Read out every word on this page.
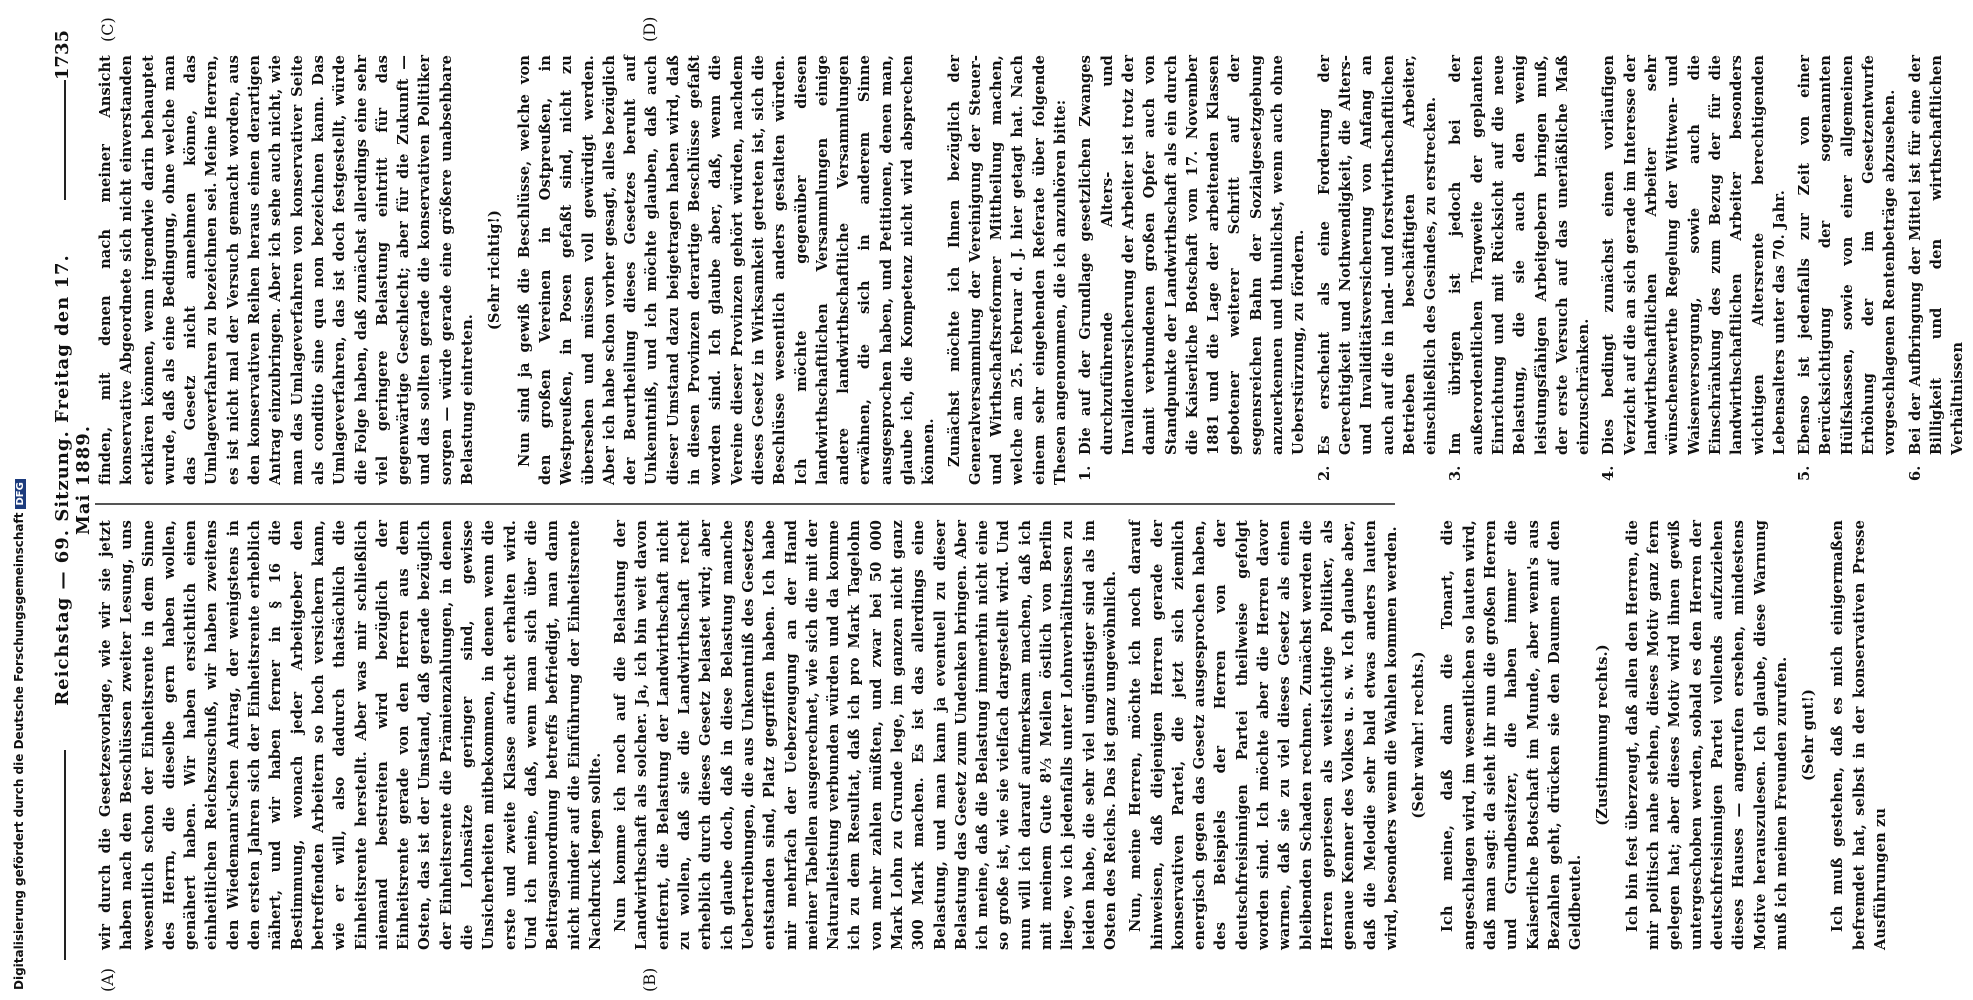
Reichstag — 69. Sitzung. Freitag den 17. Mai 1889.
1735
(A)	(B)
(C)	(D)

wir durch die Gesetzesvorlage, wie wir sie jetzt haben nach den Beschlüssen zweiter Lesung, uns wesentlich schon der Einheitsrente in dem Sinne des Herrn, die dieselbe gern haben wollen, genähert haben. Wir haben ersichtlich einen einheitlichen Reichszuschuß, wir haben zweitens den Wiedemann'schen Antrag, der wenigstens in den ersten Jahren sich der Einheitsrente erheblich nähert, und wir haben ferner in § 16 die Bestimmung, wonach jeder Arbeitgeber den betreffenden Arbeitern so hoch versichern kann, wie er will, also dadurch thatsächlich die Einheitsrente herstellt. Aber was mir schließlich niemand bestreiten wird bezüglich der Einheitsrente gerade von den Herren aus dem Osten, das ist der Umstand, daß gerade bezüglich der Einheitsrente die Prämienzahlungen, in denen die Lohnsätze geringer sind, gewisse Unsicherheiten mitbekommen, in denen wenn die erste und zweite Klasse aufrecht erhalten wird. Und ich meine, daß, wenn man sich über die Beitragsanordnung betreffs befriedigt, man dann nicht minder auf die Einführung der Einheitsrente Nachdruck legen sollte. Nun komme ich noch auf die Belastung der Landwirthschaft als solcher. Ja, ich bin weit davon entfernt, die Belastung der Landwirthschaft nicht zu wollen, daß sie die Landwirthschaft recht erheblich durch dieses Gesetz belastet wird; aber ich glaube doch, daß in diese Belastung manche Uebertreibungen, die aus Unkenntniß des Gesetzes entstanden sind, Platz gegriffen haben. Ich habe mir mehrfach der Ueberzeugung an der Hand meiner Tabellen ausgerechnet, wie sich die mit der Naturalleistung verbunden würden und da komme ich zu dem Resultat, daß ich pro Mark Tagelohn von mehr zahlen müßten, und zwar bei 50 000 Mark Lohn zu Grunde lege, im ganzen nicht ganz 300 Mark machen. Es ist das allerdings eine Belastung, und man kann ja eventuell zu dieser Belastung das Gesetz zum Undenken bringen. Aber ich meine, daß die Belastung immerhin nicht eine so große ist, wie sie vielfach dargestellt wird. Und nun will ich darauf aufmerksam machen, daß ich mit meinem Gute 8⅓ Meilen östlich von Berlin liege, wo ich jedenfalls unter Lohnverhältnissen zu leiden habe, die sehr viel ungünstiger sind als im Osten des Reichs. Das ist ganz ungewöhnlich. Nun, meine Herren, möchte ich noch darauf hinweisen, daß diejenigen Herren gerade der konservativen Partei, die jetzt sich ziemlich energisch gegen das Gesetz ausgesprochen haben, des Beispiels der Herren von der deutschfreisinnigen Partei theilweise gefolgt worden sind. Ich möchte aber die Herren davor warnen, daß sie zu viel dieses Gesetz als einen bleibenden Schaden rechnen. Zunächst werden die Herren gepriesen als weitsichtige Politiker, als genaue Kenner des Volkes u. s. w. Ich glaube aber, daß die Melodie sehr bald etwas anders lauten wird, besonders wenn die Wahlen kommen werden. (Sehr wahr! rechts.) Ich meine, daß dann die Tonart, die angeschlagen wird, im wesentlichen so lauten wird, daß man sagt: da sieht ihr nun die großen Herren und Grundbesitzer, die haben immer die Kaiserliche Botschaft im Munde, aber wenn's aus Bezahlen geht, drücken sie den Daumen auf den Geldbeutel.

(Zustimmung rechts.) Ich bin fest überzeugt, daß allen den Herren, die mir politisch nahe stehen, dieses Motiv ganz fern gelegen hat; aber dieses Motiv wird ihnen gewiß untergeschoben werden, sobald es den Herren der deutschfreisinnigen Partei vollends aufzuziehen dieses Hauses — angerufen ersehen, mindestens Motive herauszulesen. Ich glaube, diese Warnung muß ich meinen Freunden zurufen. (Sehr gut!) Ich muß gestehen, daß es mich einigermaßen befremdet hat, selbst in der konservativen Presse Ausführungen zu

finden, mit denen nach meiner Ansicht konservative Abgeordnete sich nicht einverstanden erklären können, wenn irgendwie darin behauptet wurde, daß als eine Bedingung, ohne welche man das Gesetz nicht annehmen könne, das Umlageverfahren zu bezeichnen sei. Meine Herren, es ist nicht mal der Versuch gemacht worden, aus den konservativen Reihen heraus einen derartigen Antrag einzubringen. Aber ich sehe auch nicht, wie man das Umlageverfahren von konservativer Seite als conditio sine qua non bezeichnen kann. Das Umlageverfahren, das ist doch festgestellt, würde die Folge haben, daß zunächst allerdings eine sehr viel geringere Belastung eintritt für das gegenwärtige Geschlecht; aber für die Zukunft — und das sollten gerade die konservativen Politiker sorgen — würde gerade eine größere unabsehbare Belastung eintreten.

(Sehr richtig!) Nun sind ja gewiß die Beschlüsse, welche von den großen Vereinen in Ostpreußen, in Westpreußen, in Posen gefaßt sind, nicht zu übersehen und müssen voll gewürdigt werden. Aber ich habe schon vorher gesagt, alles bezüglich der Beurtheilung dieses Gesetzes beruht auf Unkenntniß, und ich möchte glauben, daß auch dieser Umstand dazu beigetragen haben wird, daß in diesen Provinzen derartige Beschlüsse gefaßt worden sind. Ich glaube aber, daß, wenn die Vereine dieser Provinzen gehört würden, nachdem dieses Gesetz in Wirksamkeit getreten ist, sich die Beschlüsse wesentlich anders gestalten würden. Ich möchte gegenüber diesen landwirthschaftlichen Versammlungen einige andere landwirthschaftliche Versammlungen erwähnen, die sich in anderem Sinne ausgesprochen haben, und Petitionen, denen man, glaube ich, die Kompetenz nicht wird absprechen können. Zunächst möchte ich Ihnen bezüglich der Generalversammlung der Vereinigung der Steuer- und Wirthschaftsreformer Mittheilung machen, welche am 25. Februar d. J. hier getagt hat. Nach einem sehr eingehenden Referate über folgende Thesen angenommen, die ich anzuhören bitte: 1.
Die auf der Grundlage gesetzlichen Zwanges durchzuführende Alters- und Invalidenversicherung der Arbeiter ist trotz der damit verbundenen großen Opfer auch von Standpunkte der Landwirthschaft als ein durch die Kaiserliche Botschaft vom 17. November 1881 und die Lage der arbeitenden Klassen gebotener weiterer Schritt auf der segensreichen Bahn der Sozialgesetzgebung anzuerkennen und thunlichst, wenn auch ohne Ueberstürzung, zu fördern.

2.
Es erscheint als eine Forderung der Gerechtigkeit und Nothwendigkeit, die Alters- und Invaliditätsversicherung von Anfang an auch auf die in land- und forstwirthschaftlichen Betrieben beschäftigten Arbeiter, einschließlich des Gesindes, zu erstrecken.

3.
Im übrigen ist jedoch bei der außerordentlichen Tragweite der geplanten Einrichtung und mit Rücksicht auf die neue Belastung, die sie auch den wenig leistungsfähigen Arbeitgebern bringen muß, der erste Versuch auf das unerläßliche Maß einzuschränken.

4.
Dies bedingt zunächst einen vorläufigen Verzicht auf die an sich gerade im Interesse der landwirthschaftlichen Arbeiter sehr wünschenswerthe Regelung der Wittwen- und Waisenversorgung, sowie auch die Einschränkung des zum Bezug der für die landwirthschaftlichen Arbeiter besonders wichtigen Altersrente berechtigenden Lebensalters unter das 70. Jahr.

5.
Ebenso ist jedenfalls zur Zeit von einer Berücksichtigung der sogenannten Hülfskassen, sowie von einer allgemeinen Erhöhung der im Gesetzentwurfe vorgeschlagenen Rentenbeträge abzusehen.

6.
Bei der Aufbringung der Mittel ist für eine der Billigkeit und den wirthschaftlichen Verhältnissen

Digitalisierung gefördert durch die Deutsche ForschungsgemeinschaftDFG
